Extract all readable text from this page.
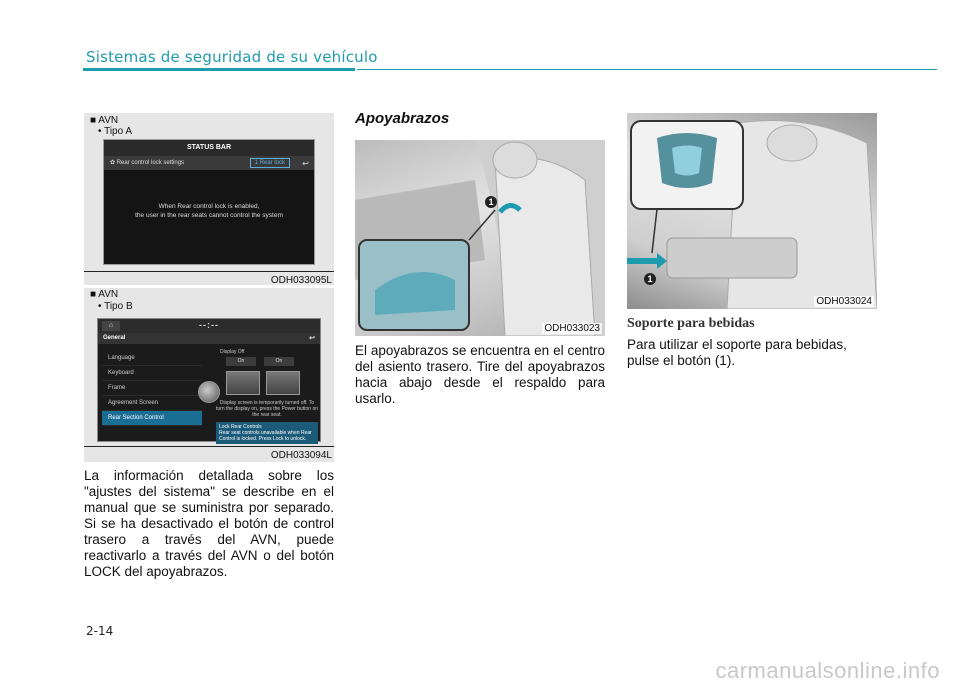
Sistemas de seguridad de su vehículo
■ AVN
• Tipo A
STATUS BAR
✿ Rear control lock settings	1 Rear lock	↩
When Rear control lock is enabled,
the user in the rear seats cannot control the system
ODH033095L
■ AVN
• Tipo B
⌂	--:--
General	↩
Language
Keyboard
Frame
Agreement Screen
Rear Section Control
Display Off
On	On
Display screen is temporarily turned off. To turn the display on, press the Power button on the rear seat.
Lock Rear Controls
Rear seat controls unavailable when Rear Control is locked. Press Lock to unlock.
ODH033094L
La información detallada sobre los "ajustes del sistema" se describe en el manual que se suministra por separado. Si se ha desactivado el botón de control trasero a través del AVN, puede reactivarlo a través del AVN o del botón LOCK del apoyabrazos.
2-14
Apoyabrazos
1
ODH033023
El apoyabrazos se encuentra en el centro del asiento trasero. Tire del apoyabrazos hacia abajo desde el respaldo para usarlo.
1
ODH033024
Soporte para bebidas
Para utilizar el soporte para bebidas, pulse el botón (1).
carmanualsonline.info
